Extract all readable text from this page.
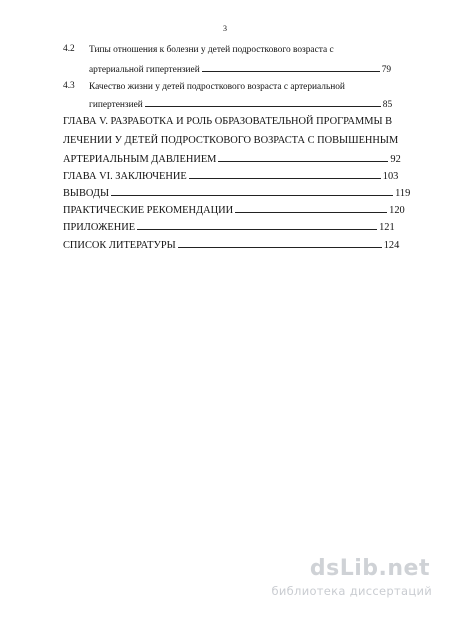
3
4.2 Типы отношения к болезни у детей подросткового возраста с
артериальной гипертензией	79
4.3 Качество жизни у детей подросткового возраста с артериальной
гипертензией	85
ГЛАВА V. РАЗРАБОТКА И РОЛЬ ОБРАЗОВАТЕЛЬНОЙ ПРОГРАММЫ В
ЛЕЧЕНИИ У ДЕТЕЙ ПОДРОСТКОВОГО ВОЗРАСТА С ПОВЫШЕННЫМ
АРТЕРИАЛЬНЫМ ДАВЛЕНИЕМ	92
ГЛАВА VI. ЗАКЛЮЧЕНИЕ	103
ВЫВОДЫ	119
ПРАКТИЧЕСКИЕ РЕКОМЕНДАЦИИ	120
ПРИЛОЖЕНИЕ	121
СПИСОК ЛИТЕРАТУРЫ	124
dsLib.net
библиотека диссертаций
